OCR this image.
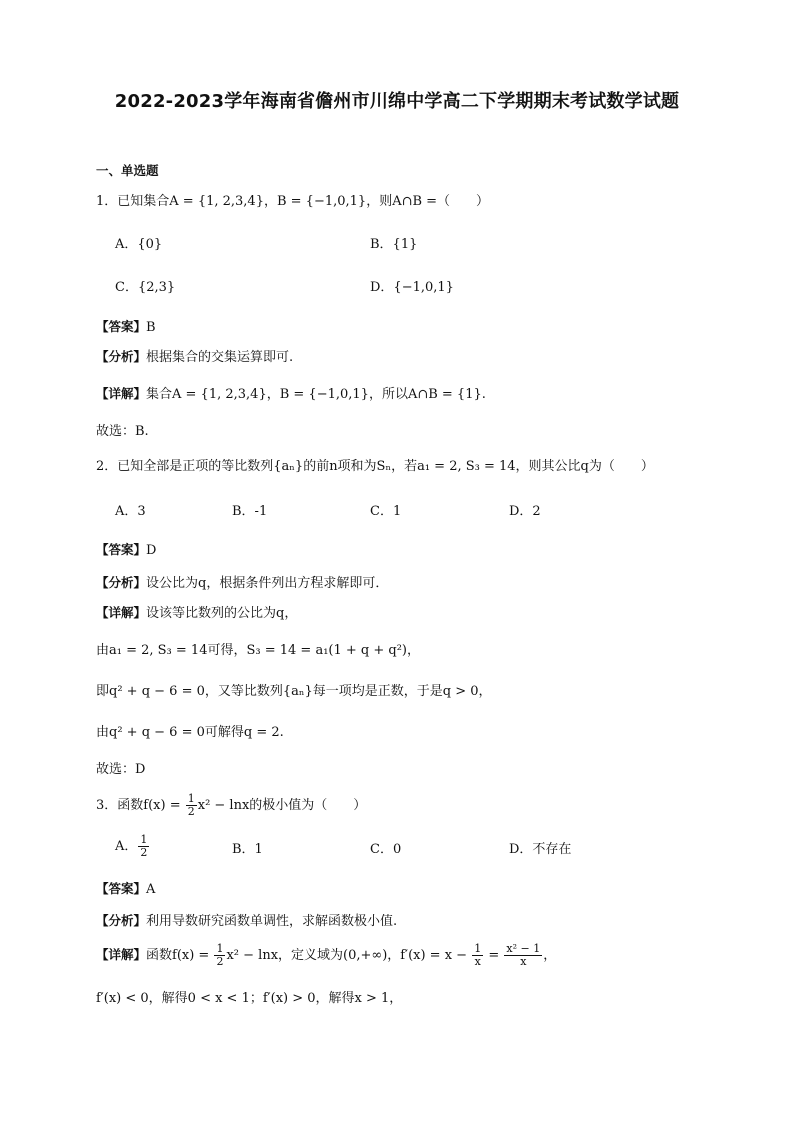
2022-2023学年海南省儋州市川绵中学高二下学期期末考试数学试题
一、单选题
1．已知集合A = {1, 2,3,4}，B = {−1,0,1}，则A∩B =（　　）
A．{0}	B．{1}
C．{2,3}	D．{−1,0,1}
【答案】B
【分析】根据集合的交集运算即可.
【详解】集合A = {1, 2,3,4}，B = {−1,0,1}，所以A∩B = {1}.
故选：B.
2．已知全部是正项的等比数列{aₙ}的前n项和为Sₙ，若a₁ = 2, S₃ = 14，则其公比q为（　　）
A．3	B．-1	C．1	D．2
【答案】D
【分析】设公比为q，根据条件列出方程求解即可．
【详解】设该等比数列的公比为q，
由a₁ = 2, S₃ = 14可得，S₃ = 14 = a₁(1 + q + q²)，
即q² + q − 6 = 0，又等比数列{aₙ}每一项均是正数，于是q > 0，
由q² + q − 6 = 0可解得q = 2.
故选：D
3．函数$f(x) = \frac{1}{2} x^2 - \ln x$的极小值为（　　）
A． $\frac{1}{2}$	B．1	C．0	D．不存在
【答案】A
【分析】利用导数研究函数单调性，求解函数极小值.
【详解】函数$f(x) = \frac{1}{2} x^2 - \ln x$，定义域为(0,+∞)，$f'(x) = x - \frac{1}{x} = \frac{\text{x² − 1}}{x}$ ，
f′(x) < 0，解得0 < x < 1；f′(x) > 0，解得x > 1，
